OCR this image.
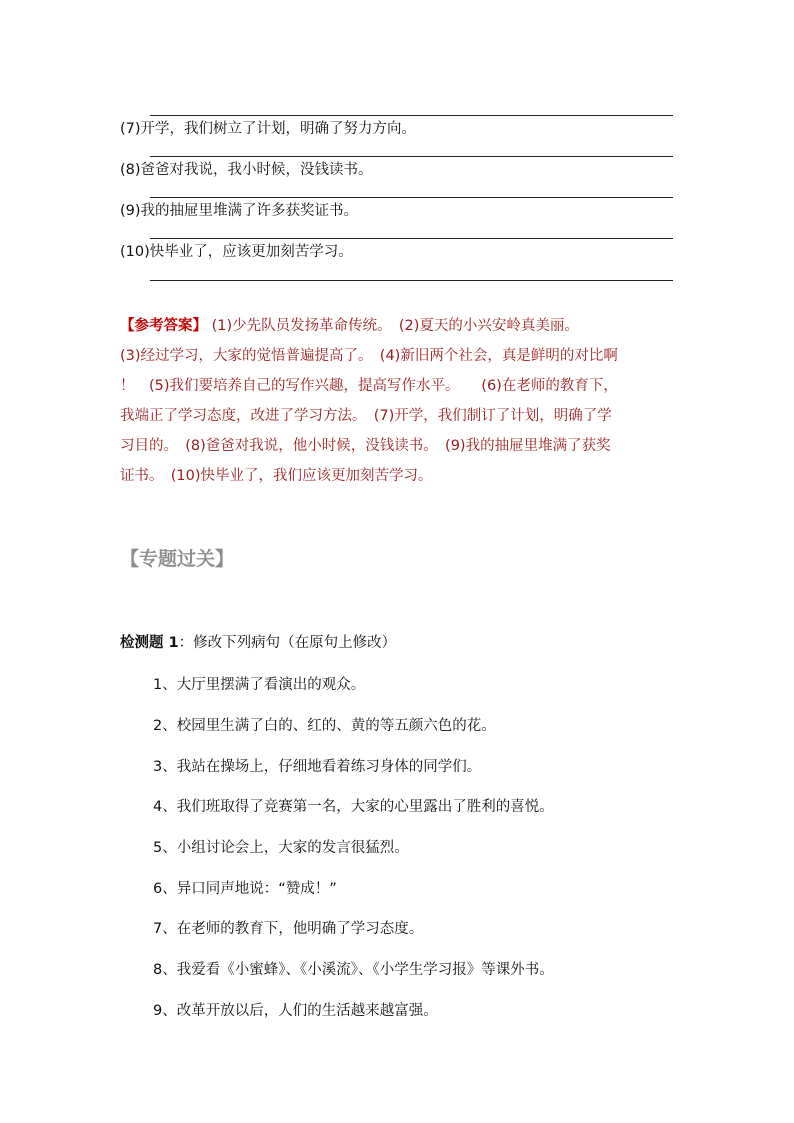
(7)开学，我们树立了计划，明确了努力方向。
(8)爸爸对我说，我小时候，没钱读书。
(9)我的抽屉里堆满了许多获奖证书。
(10)快毕业了，应该更加刻苦学习。
【参考答案】 (1)少先队员发扬革命传统。　(2)夏天的小兴安岭真美丽。
(3)经过学习，大家的觉悟普遍提高了。　(4)新旧两个社会，真是鲜明的对比啊
！　(5)我们要培养自己的写作兴趣，提高写作水平。　　(6)在老师的教育下，
我端正了学习态度，改进了学习方法。　(7)开学，我们制订了计划，明确了学
习目的。　(8)爸爸对我说，他小时候，没钱读书。　(9)我的抽屉里堆满了获奖
证书。　(10)快毕业了，我们应该更加刻苦学习。
【专题过关】
检测题 1：修改下列病句（在原句上修改）
1、大厅里摆满了看演出的观众。
2、校园里生满了白的、红的、黄的等五颜六色的花。
3、我站在操场上，仔细地看着练习身体的同学们。
4、我们班取得了竞赛第一名，大家的心里露出了胜利的喜悦。
5、小组讨论会上，大家的发言很猛烈。
6、异口同声地说：“赞成！”
7、在老师的教育下，他明确了学习态度。
8、我爱看《小蜜蜂》、《小溪流》、《小学生学习报》等课外书。
9、改革开放以后，人们的生活越来越富强。
